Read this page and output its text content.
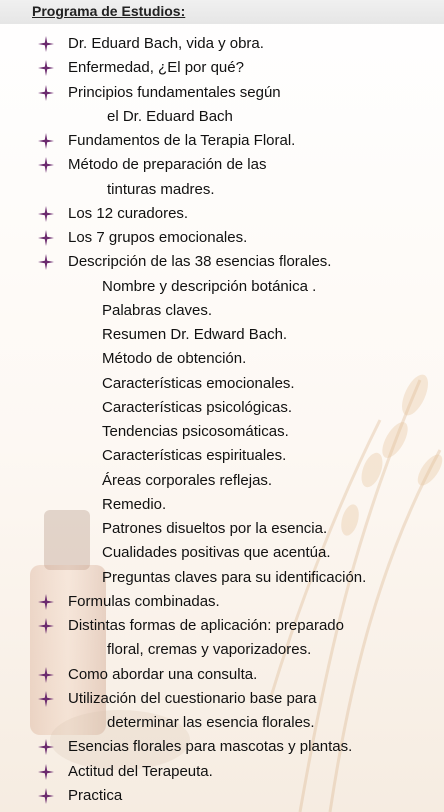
Programa de Estudios:
Dr. Eduard Bach, vida y obra.
Enfermedad, ¿El por qué?
Principios fundamentales según
el Dr. Eduard Bach
Fundamentos de la Terapia Floral.
Método de preparación de las
tinturas madres.
Los 12 curadores.
Los 7 grupos emocionales.
Descripción de las 38 esencias florales.
Nombre y descripción botánica .
Palabras claves.
Resumen Dr. Edward Bach.
Método de obtención.
Características emocionales.
Características psicológicas.
Tendencias psicosomáticas.
Características espirituales.
Áreas corporales reflejas.
Remedio.
Patrones disueltos por la esencia.
Cualidades positivas que acentúa.
Preguntas claves para su identificación.
Formulas combinadas.
Distintas formas de aplicación: preparado
floral, cremas y vaporizadores.
Como abordar una consulta.
Utilización del cuestionario base para
determinar las esencia florales.
Esencias florales para mascotas y plantas.
Actitud del Terapeuta.
Practica
